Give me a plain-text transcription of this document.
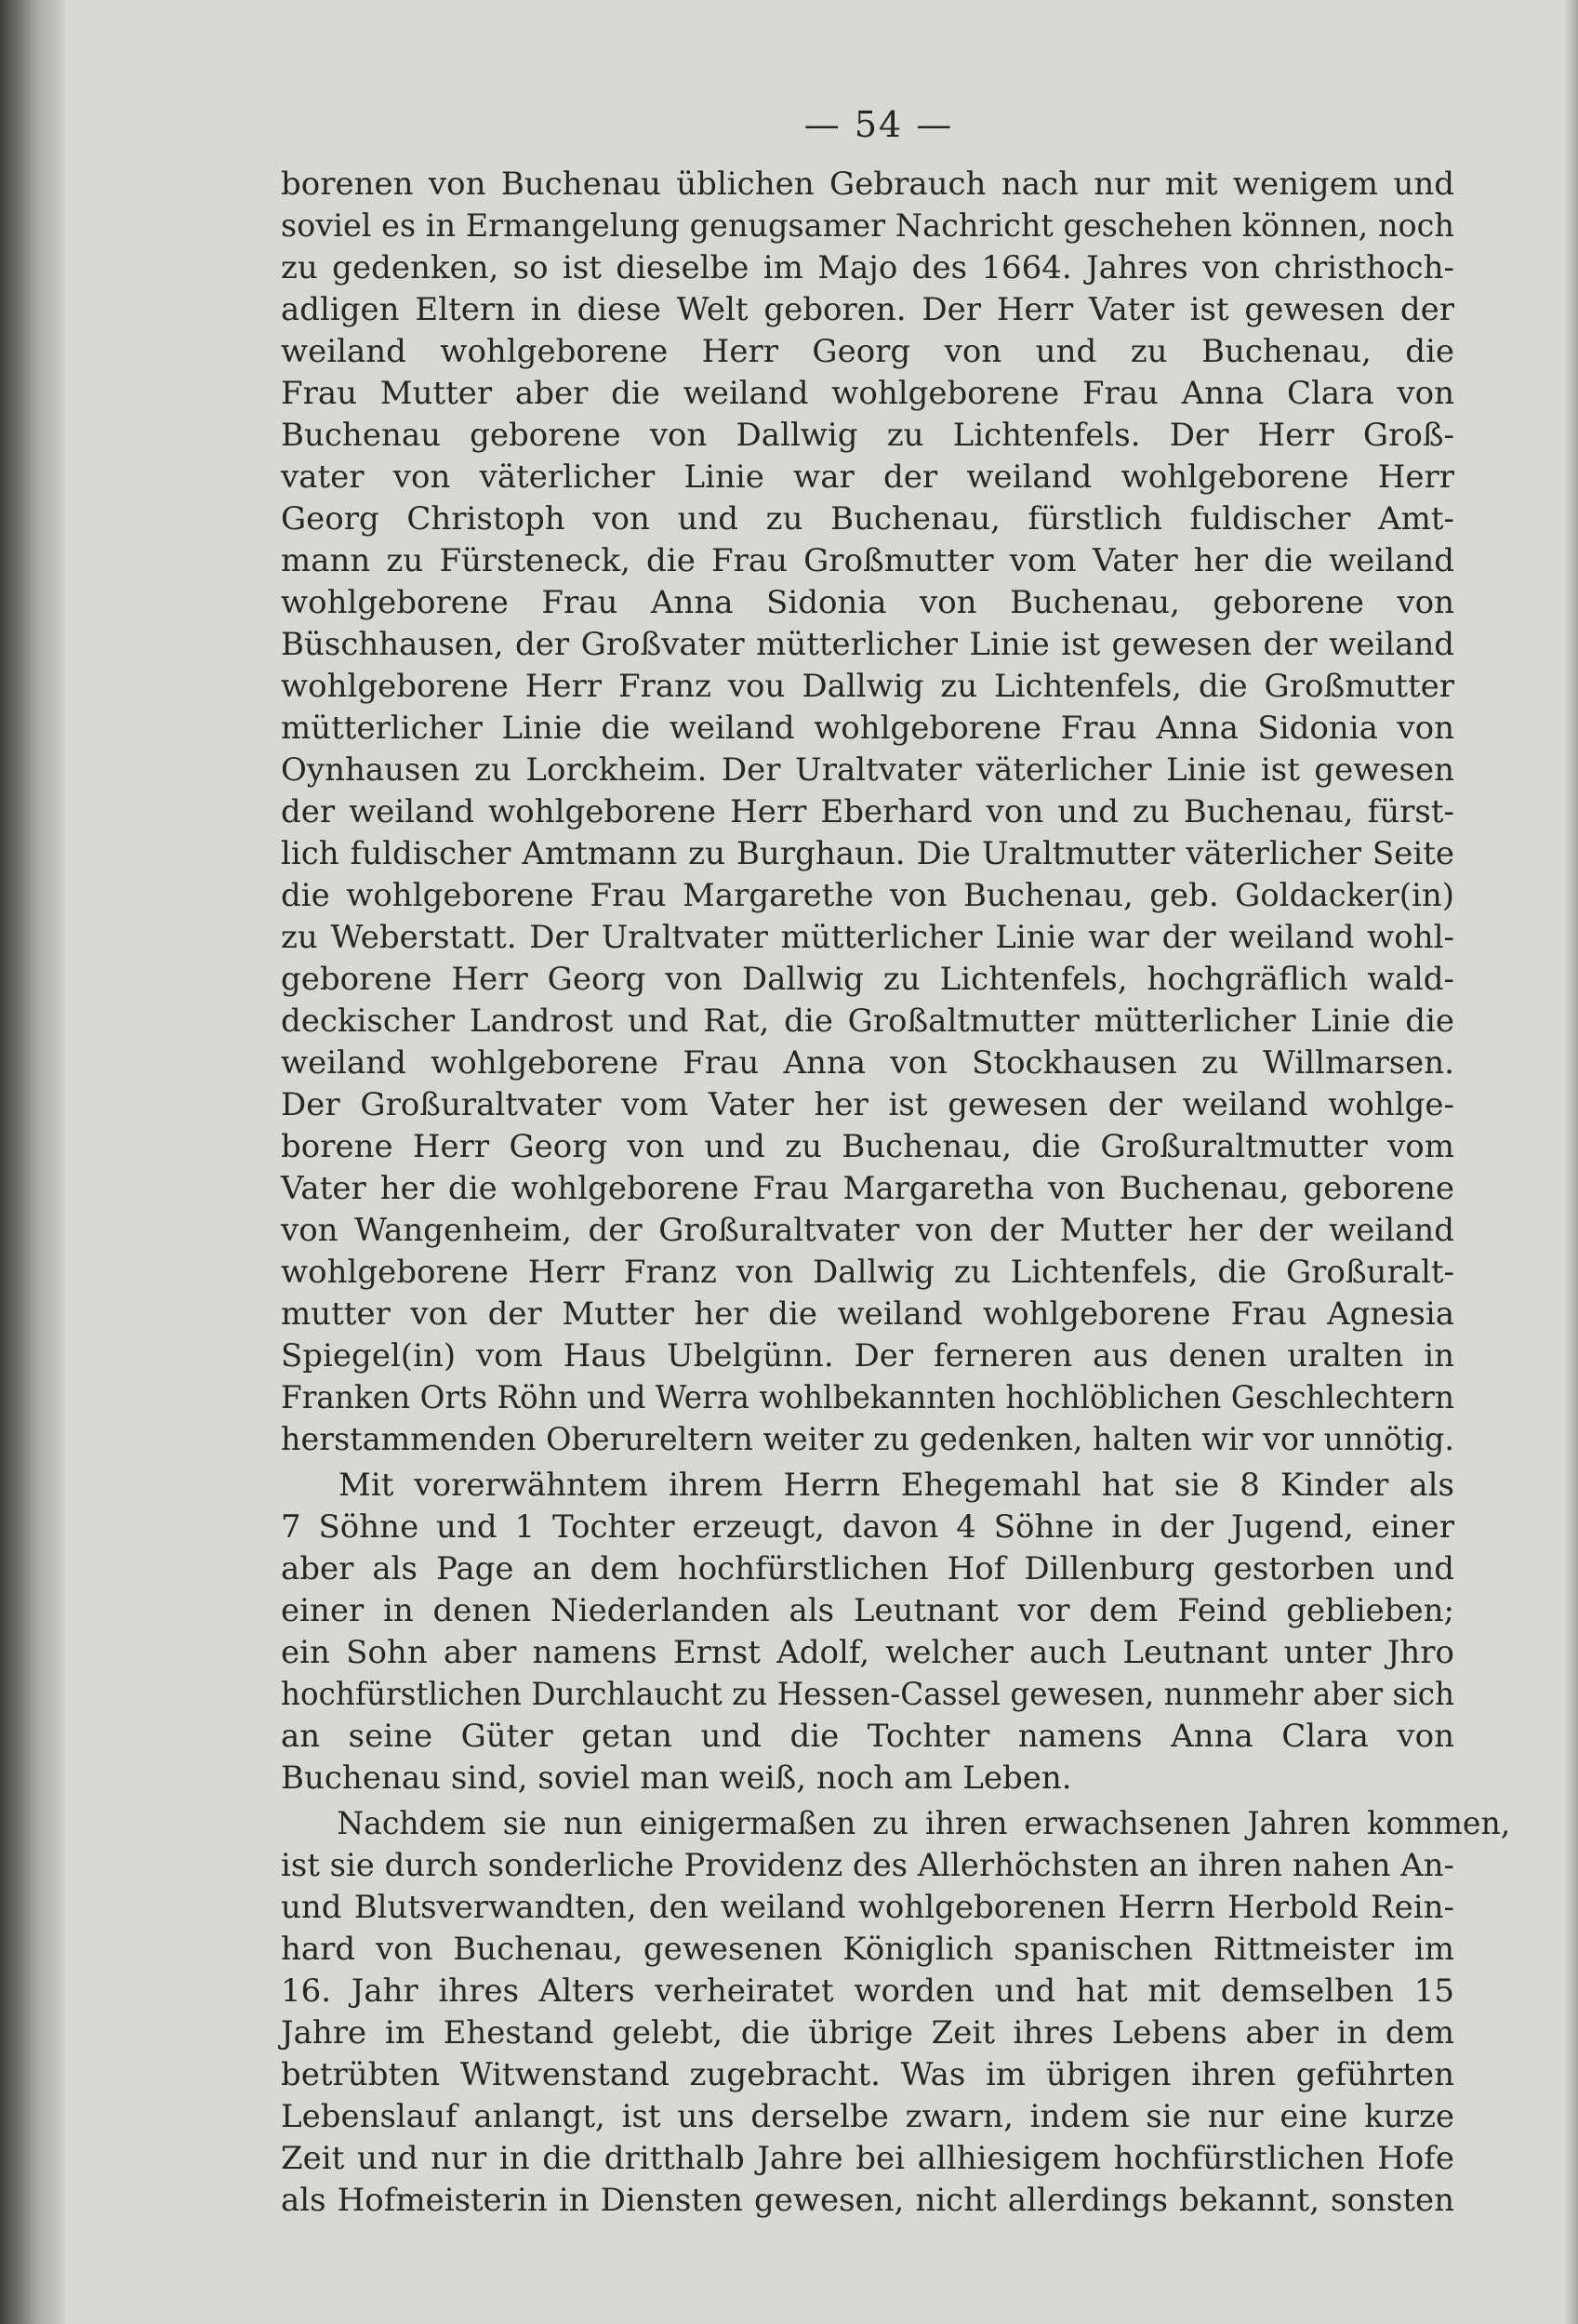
— 54 —
borenen von Buchenau üblichen Gebrauch nach nur mit wenigem und
soviel es in Ermangelung genugsamer Nachricht geschehen können, noch
zu gedenken, so ist dieselbe im Majo des 1664. Jahres von christhoch-
adligen Eltern in diese Welt geboren. Der Herr Vater ist gewesen der
weiland wohlgeborene Herr Georg von und zu Buchenau, die
Frau Mutter aber die weiland wohlgeborene Frau Anna Clara von
Buchenau geborene von Dallwig zu Lichtenfels. Der Herr Groß-
vater von väterlicher Linie war der weiland wohlgeborene Herr
Georg Christoph von und zu Buchenau, fürstlich fuldischer Amt-
mann zu Fürsteneck, die Frau Großmutter vom Vater her die weiland
wohlgeborene Frau Anna Sidonia von Buchenau, geborene von
Büschhausen, der Großvater mütterlicher Linie ist gewesen der weiland
wohlgeborene Herr Franz vou Dallwig zu Lichtenfels, die Großmutter
mütterlicher Linie die weiland wohlgeborene Frau Anna Sidonia von
Oynhausen zu Lorckheim. Der Uraltvater väterlicher Linie ist gewesen
der weiland wohlgeborene Herr Eberhard von und zu Buchenau, fürst-
lich fuldischer Amtmann zu Burghaun. Die Uraltmutter väterlicher Seite
die wohlgeborene Frau Margarethe von Buchenau, geb. Goldacker(in)
zu Weberstatt. Der Uraltvater mütterlicher Linie war der weiland wohl-
geborene Herr Georg von Dallwig zu Lichtenfels, hochgräflich wald-
deckischer Landrost und Rat, die Großaltmutter mütterlicher Linie die
weiland wohlgeborene Frau Anna von Stockhausen zu Willmarsen.
Der Großuraltvater vom Vater her ist gewesen der weiland wohlge-
borene Herr Georg von und zu Buchenau, die Großuraltmutter vom
Vater her die wohlgeborene Frau Margaretha von Buchenau, geborene
von Wangenheim, der Großuraltvater von der Mutter her der weiland
wohlgeborene Herr Franz von Dallwig zu Lichtenfels, die Großuralt-
mutter von der Mutter her die weiland wohlgeborene Frau Agnesia
Spiegel(in) vom Haus Ubelgünn. Der ferneren aus denen uralten in
Franken Orts Röhn und Werra wohlbekannten hochlöblichen Geschlechtern
herstammenden Oberureltern weiter zu gedenken, halten wir vor unnötig.
Mit vorerwähntem ihrem Herrn Ehegemahl hat sie 8 Kinder als
7 Söhne und 1 Tochter erzeugt, davon 4 Söhne in der Jugend, einer
aber als Page an dem hochfürstlichen Hof Dillenburg gestorben und
einer in denen Niederlanden als Leutnant vor dem Feind geblieben;
ein Sohn aber namens Ernst Adolf, welcher auch Leutnant unter Jhro
hochfürstlichen Durchlaucht zu Hessen-Cassel gewesen, nunmehr aber sich
an seine Güter getan und die Tochter namens Anna Clara von
Buchenau sind, soviel man weiß, noch am Leben.
Nachdem sie nun einigermaßen zu ihren erwachsenen Jahren kommen,
ist sie durch sonderliche Providenz des Allerhöchsten an ihren nahen An-
und Blutsverwandten, den weiland wohlgeborenen Herrn Herbold Rein-
hard von Buchenau, gewesenen Königlich spanischen Rittmeister im
16. Jahr ihres Alters verheiratet worden und hat mit demselben 15
Jahre im Ehestand gelebt, die übrige Zeit ihres Lebens aber in dem
betrübten Witwenstand zugebracht. Was im übrigen ihren geführten
Lebenslauf anlangt, ist uns derselbe zwarn, indem sie nur eine kurze
Zeit und nur in die dritthalb Jahre bei allhiesigem hochfürstlichen Hofe
als Hofmeisterin in Diensten gewesen, nicht allerdings bekannt, sonsten
